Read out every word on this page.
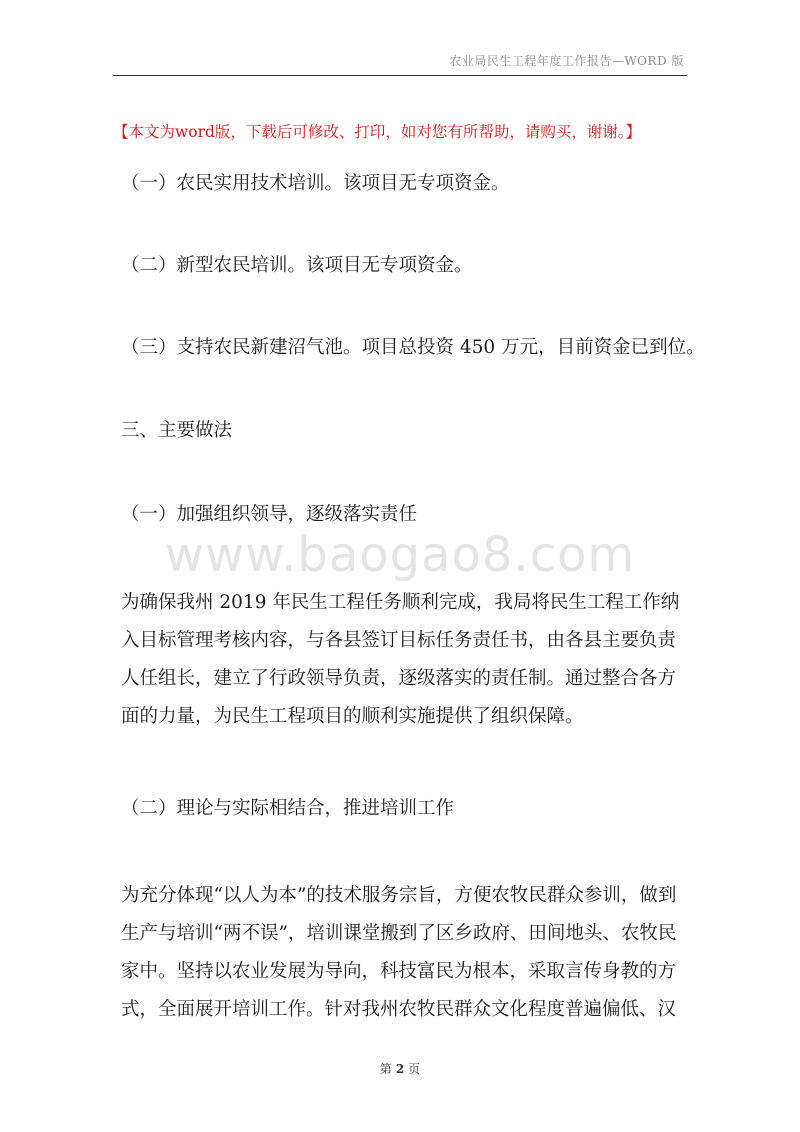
农业局民生工程年度工作报告—WORD 版
【本文为word版，下载后可修改、打印，如对您有所帮助，请购买，谢谢。】
（一）农民实用技术培训。该项目无专项资金。
（二）新型农民培训。该项目无专项资金。
（三）支持农民新建沼气池。项目总投资 450 万元，目前资金已到位。
三、主要做法
（一）加强组织领导，逐级落实责任
www.baogao8.com
为确保我州 2019 年民生工程任务顺利完成，我局将民生工程工作纳
入目标管理考核内容，与各县签订目标任务责任书，由各县主要负责
人任组长，建立了行政领导负责，逐级落实的责任制。通过整合各方
面的力量，为民生工程项目的顺利实施提供了组织保障。
（二）理论与实际相结合，推进培训工作
为充分体现“以人为本”的技术服务宗旨，方便农牧民群众参训，做到
生产与培训“两不误”，培训课堂搬到了区乡政府、田间地头、农牧民
家中。坚持以农业发展为导向，科技富民为根本，采取言传身教的方
式，全面展开培训工作。针对我州农牧民群众文化程度普遍偏低、汉
第 2 页
